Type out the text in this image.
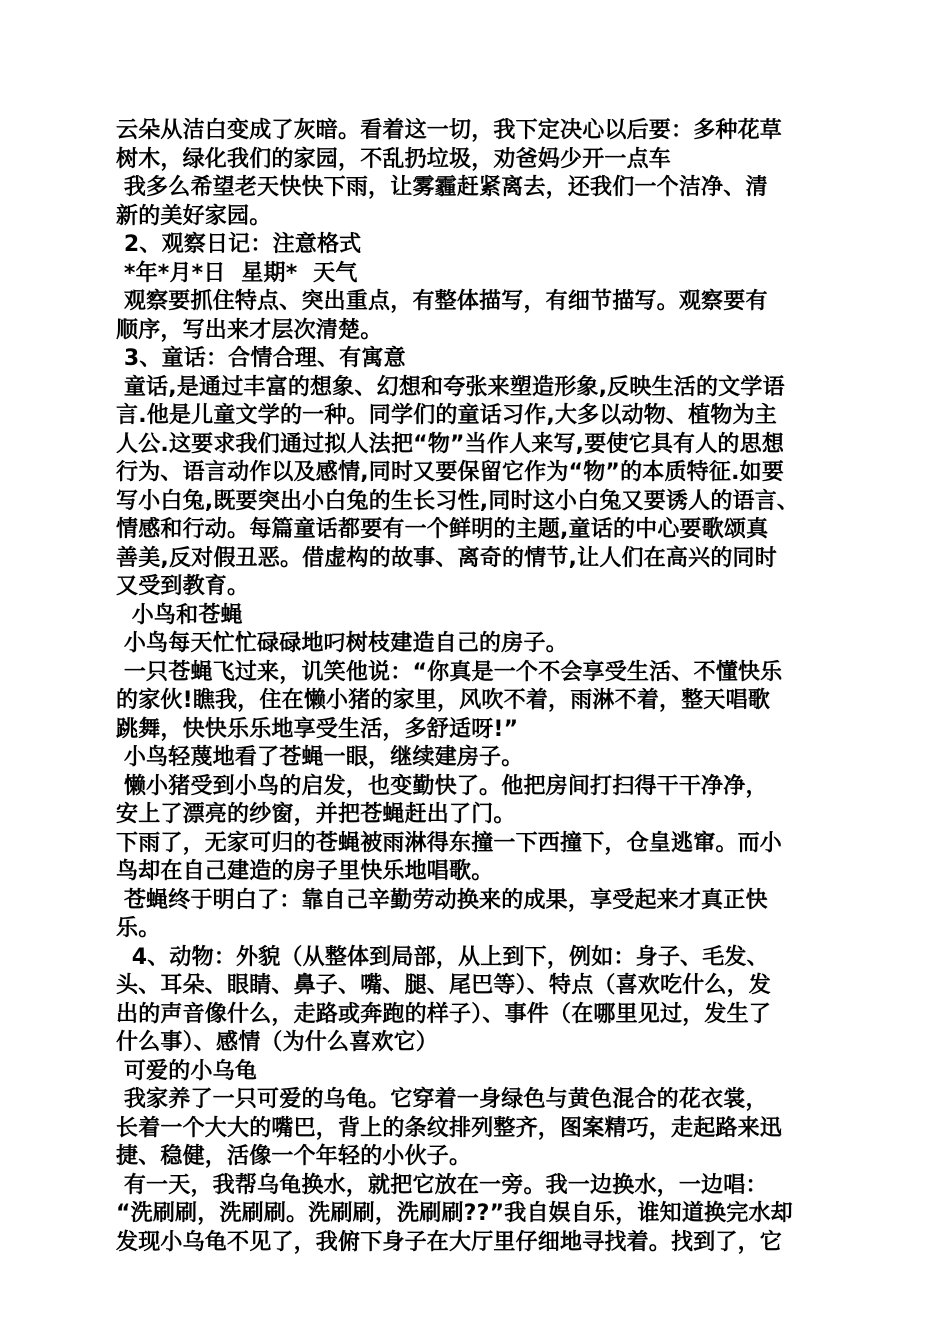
云朵从洁白变成了灰暗。看着这一切，我下定决心以后要：多种花草
树木，绿化我们的家园，不乱扔垃圾，劝爸妈少开一点车
我多么希望老天快快下雨，让雾霾赶紧离去，还我们一个洁净、清
新的美好家园。
2、观察日记：注意格式
*年*月*日  星期*  天气
观察要抓住特点、突出重点，有整体描写，有细节描写。观察要有
顺序，写出来才层次清楚。
3、童话：合情合理、有寓意
童话,是通过丰富的想象、幻想和夸张来塑造形象,反映生活的文学语
言.他是儿童文学的一种。同学们的童话习作,大多以动物、植物为主
人公.这要求我们通过拟人法把“物”当作人来写,要使它具有人的思想
行为、语言动作以及感情,同时又要保留它作为“物”的本质特征.如要
写小白兔,既要突出小白兔的生长习性,同时这小白兔又要诱人的语言、
情感和行动。每篇童话都要有一个鲜明的主题,童话的中心要歌颂真
善美,反对假丑恶。借虚构的故事、离奇的情节,让人们在高兴的同时
又受到教育。
小鸟和苍蝇
小鸟每天忙忙碌碌地叼树枝建造自己的房子。
一只苍蝇飞过来，讥笑他说：“你真是一个不会享受生活、不懂快乐
的家伙!瞧我，住在懒小猪的家里，风吹不着，雨淋不着，整天唱歌
跳舞，快快乐乐地享受生活，多舒适呀!”
小鸟轻蔑地看了苍蝇一眼，继续建房子。
懒小猪受到小鸟的启发，也变勤快了。他把房间打扫得干干净净，
安上了漂亮的纱窗，并把苍蝇赶出了门。
下雨了，无家可归的苍蝇被雨淋得东撞一下西撞下，仓皇逃窜。而小
鸟却在自己建造的房子里快乐地唱歌。
苍蝇终于明白了：靠自己辛勤劳动换来的成果，享受起来才真正快
乐。
4、动物：外貌（从整体到局部，从上到下，例如：身子、毛发、
头、耳朵、眼睛、鼻子、嘴、腿、尾巴等）、特点（喜欢吃什么，发
出的声音像什么，走路或奔跑的样子）、事件（在哪里见过，发生了
什么事）、感情（为什么喜欢它）
可爱的小乌龟
我家养了一只可爱的乌龟。它穿着一身绿色与黄色混合的花衣裳，
长着一个大大的嘴巴，背上的条纹排列整齐，图案精巧，走起路来迅
捷、稳健，活像一个年轻的小伙子。
有一天，我帮乌龟换水，就把它放在一旁。我一边换水，一边唱：
“洗刷刷，洗刷刷。洗刷刷，洗刷刷??”我自娱自乐，谁知道换完水却
发现小乌龟不见了，我俯下身子在大厅里仔细地寻找着。找到了，它
